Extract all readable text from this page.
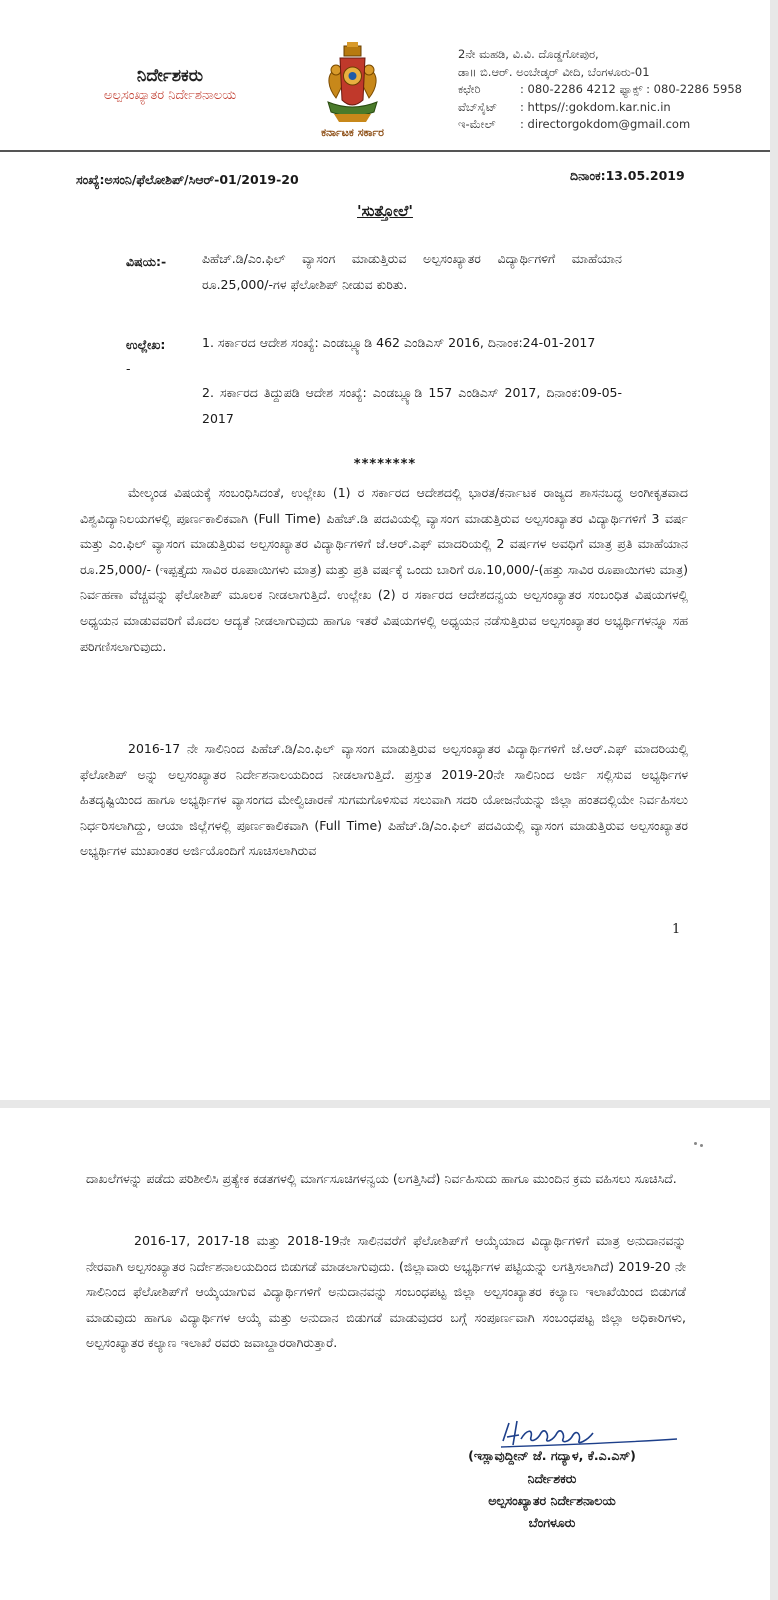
ನಿರ್ದೇಶಕರು
ಅಲ್ಪಸಂಖ್ಯಾತರ ನಿರ್ದೇಶನಾಲಯ
ಕರ್ನಾಟಕ ಸರ್ಕಾರ
2ನೇ ಮಹಡಿ, ವಿ.ವಿ. ದೊಡ್ಡಗೋಪುರ,
ಡಾ॥ ಬಿ.ಆರ್. ಅಂಬೇಡ್ಕರ್ ವೀದಿ, ಬೆಂಗಳೂರು-01
ಕಛೇರಿ	: 080-2286 4212 ಫ್ಯಾಕ್ಸ್ : 080-2286 5958
ವೆಬ್‌ಸೈಟ್ : https//:gokdom.kar.nic.in
ಇ-ಮೇಲ್ : directorgokdom@gmail.com
ಸಂಖ್ಯೆ:ಅಸಂನಿ/ಫೆಲೋಶಿಪ್/ಸಿಆರ್-01/2019-20	ದಿನಾಂಕ:13.05.2019
'ಸುತ್ತೋಲೆ'
ವಿಷಯ:-	ಪಿಹೆಚ್.ಡಿ/ಎಂ.ಫಿಲ್ ವ್ಯಾಸಂಗ ಮಾಡುತ್ತಿರುವ ಅಲ್ಪಸಂಖ್ಯಾತರ ವಿದ್ಯಾರ್ಥಿಗಳಿಗೆ ಮಾಹೆಯಾನ ರೂ.25,000/-ಗಳ ಫೆಲೋಶಿಪ್ ನೀಡುವ ಕುರಿತು.
ಉಲ್ಲೇಖ:
-
1. ಸರ್ಕಾರದ ಆದೇಶ ಸಂಖ್ಯೆ: ಎಂಡಬ್ಲ್ಯೂಡಿ 462 ಎಂಡಿಎಸ್ 2016, ದಿನಾಂಕ:24-01-2017
2. ಸರ್ಕಾರದ ತಿದ್ದುಪಡಿ ಆದೇಶ ಸಂಖ್ಯೆ: ಎಂಡಬ್ಲ್ಯೂಡಿ 157 ಎಂಡಿಎಸ್ 2017, ದಿನಾಂಕ:09-05-2017
********
ಮೇಲ್ಕಂಡ ವಿಷಯಕ್ಕೆ ಸಂಬಂಧಿಸಿದಂತೆ, ಉಲ್ಲೇಖ (1) ರ ಸರ್ಕಾರದ ಆದೇಶದಲ್ಲಿ ಭಾರತ/ಕರ್ನಾಟಕ ರಾಜ್ಯದ ಶಾಸನಬದ್ಧ ಅಂಗೀಕೃತವಾದ ವಿಶ್ವವಿದ್ಯಾನಿಲಯಗಳಲ್ಲಿ ಪೂರ್ಣಕಾಲಿಕವಾಗಿ (Full Time) ಪಿಹೆಚ್.ಡಿ ಪದವಿಯಲ್ಲಿ ವ್ಯಾಸಂಗ ಮಾಡುತ್ತಿರುವ ಅಲ್ಪಸಂಖ್ಯಾತರ ವಿದ್ಯಾರ್ಥಿಗಳಿಗೆ 3 ವರ್ಷ ಮತ್ತು ಎಂ.ಫಿಲ್ ವ್ಯಾಸಂಗ ಮಾಡುತ್ತಿರುವ ಅಲ್ಪಸಂಖ್ಯಾತರ ವಿದ್ಯಾರ್ಥಿಗಳಿಗೆ ಜೆ.ಆರ್.ಎಫ್ ಮಾದರಿಯಲ್ಲಿ 2 ವರ್ಷಗಳ ಅವಧಿಗೆ ಮಾತ್ರ ಪ್ರತಿ ಮಾಹೆಯಾನ ರೂ.25,000/- (ಇಪ್ಪತ್ತೈದು ಸಾವಿರ ರೂಪಾಯಿಗಳು ಮಾತ್ರ) ಮತ್ತು ಪ್ರತಿ ವರ್ಷಕ್ಕೆ ಒಂದು ಬಾರಿಗೆ ರೂ.10,000/-(ಹತ್ತು ಸಾವಿರ ರೂಪಾಯಿಗಳು ಮಾತ್ರ) ನಿರ್ವಹಣಾ ವೆಚ್ಚವನ್ನು ಫೆಲೋಶಿಪ್ ಮೂಲಕ ನೀಡಲಾಗುತ್ತಿದೆ. ಉಲ್ಲೇಖ (2) ರ ಸರ್ಕಾರದ ಆದೇಶದನ್ವಯ ಅಲ್ಪಸಂಖ್ಯಾತರ ಸಂಬಂಧಿತ ವಿಷಯಗಳಲ್ಲಿ ಅಧ್ಯಯನ ಮಾಡುವವರಿಗೆ ಮೊದಲ ಆದ್ಯತೆ ನೀಡಲಾಗುವುದು ಹಾಗೂ ಇತರೆ ವಿಷಯಗಳಲ್ಲಿ ಅಧ್ಯಯನ ನಡೆಸುತ್ತಿರುವ ಅಲ್ಪಸಂಖ್ಯಾತರ ಅಭ್ಯರ್ಥಿಗಳನ್ನೂ ಸಹ ಪರಿಗಣಿಸಲಾಗುವುದು.
2016-17 ನೇ ಸಾಲಿನಿಂದ ಪಿಹೆಚ್.ಡಿ/ಎಂ.ಫಿಲ್ ವ್ಯಾಸಂಗ ಮಾಡುತ್ತಿರುವ ಅಲ್ಪಸಂಖ್ಯಾತರ ವಿದ್ಯಾರ್ಥಿಗಳಿಗೆ ಜೆ.ಆರ್.ಎಫ್ ಮಾದರಿಯಲ್ಲಿ ಫೆಲೋಶಿಪ್ ಅನ್ನು ಅಲ್ಪಸಂಖ್ಯಾತರ ನಿರ್ದೇಶನಾಲಯದಿಂದ ನೀಡಲಾಗುತ್ತಿದೆ. ಪ್ರಸ್ತುತ 2019-20ನೇ ಸಾಲಿನಿಂದ ಅರ್ಜಿ ಸಲ್ಲಿಸುವ ಅಭ್ಯರ್ಥಿಗಳ ಹಿತದೃಷ್ಟಿಯಿಂದ ಹಾಗೂ ಅಭ್ಯರ್ಥಿಗಳ ವ್ಯಾಸಂಗದ ಮೇಲ್ವಿಚಾರಣೆ ಸುಗಮಗೊಳಿಸುವ ಸಲುವಾಗಿ ಸದರಿ ಯೋಜನೆಯನ್ನು ಜಿಲ್ಲಾ ಹಂತದಲ್ಲಿಯೇ ನಿರ್ವಹಿಸಲು ನಿರ್ಧರಿಸಲಾಗಿದ್ದು, ಆಯಾ ಜಿಲ್ಲೆಗಳಲ್ಲಿ ಪೂರ್ಣಕಾಲಿಕವಾಗಿ (Full Time) ಪಿಹೆಚ್.ಡಿ/ಎಂ.ಫಿಲ್ ಪದವಿಯಲ್ಲಿ ವ್ಯಾಸಂಗ ಮಾಡುತ್ತಿರುವ ಅಲ್ಪಸಂಖ್ಯಾತರ ಅಭ್ಯರ್ಥಿಗಳ ಮುಖಾಂತರ ಅರ್ಜಿಯೊಂದಿಗೆ ಸೂಚಿಸಲಾಗಿರುವ
1
ದಾಖಲೆಗಳನ್ನು ಪಡೆದು ಪರಿಶೀಲಿಸಿ ಪ್ರತ್ಯೇಕ ಕಡತಗಳಲ್ಲಿ ಮಾರ್ಗಸೂಚಿಗಳನ್ವಯ (ಲಗತ್ತಿಸಿದೆ) ನಿರ್ವಹಿಸುದು ಹಾಗೂ ಮುಂದಿನ ಕ್ರಮ ವಹಿಸಲು ಸೂಚಿಸಿದೆ.
2016-17, 2017-18 ಮತ್ತು 2018-19ನೇ ಸಾಲಿನವರೆಗೆ ಫೆಲೋಶಿಪ್‌ಗೆ ಆಯ್ಕೆಯಾದ ವಿದ್ಯಾರ್ಥಿಗಳಿಗೆ ಮಾತ್ರ ಅನುದಾನವನ್ನು ನೇರವಾಗಿ ಅಲ್ಪಸಂಖ್ಯಾತರ ನಿರ್ದೇಶನಾಲಯದಿಂದ ಬಿಡುಗಡೆ ಮಾಡಲಾಗುವುದು. (ಜಿಲ್ಲಾವಾರು ಅಭ್ಯರ್ಥಿಗಳ ಪಟ್ಟಿಯನ್ನು ಲಗತ್ತಿಸಲಾಗಿದೆ) 2019-20 ನೇ ಸಾಲಿನಿಂದ ಫೆಲೋಶಿಪ್‌ಗೆ ಆಯ್ಕೆಯಾಗುವ ವಿದ್ಯಾರ್ಥಿಗಳಿಗೆ ಅನುದಾನವನ್ನು ಸಂಬಂಧಪಟ್ಟ ಜಿಲ್ಲಾ ಅಲ್ಪಸಂಖ್ಯಾತರ ಕಲ್ಯಾಣ ಇಲಾಖೆಯಿಂದ ಬಿಡುಗಡೆ ಮಾಡುವುದು ಹಾಗೂ ವಿದ್ಯಾರ್ಥಿಗಳ ಆಯ್ಕೆ ಮತ್ತು ಅನುದಾನ ಬಿಡುಗಡೆ ಮಾಡುವುದರ ಬಗ್ಗೆ ಸಂಪೂರ್ಣವಾಗಿ ಸಂಬಂಧಪಟ್ಟ ಜಿಲ್ಲಾ ಅಧಿಕಾರಿಗಳು, ಅಲ್ಪಸಂಖ್ಯಾತರ ಕಲ್ಯಾಣ ಇಲಾಖೆ ರವರು ಜವಾಬ್ದಾರರಾಗಿರುತ್ತಾರೆ.
(ಇಸ್ಲಾವುದ್ದೀನ್ ಜೆ. ಗದ್ಯಾಳ, ಕೆ.ಎ.ಎಸ್)
ನಿರ್ದೇಶಕರು
ಅಲ್ಪಸಂಖ್ಯಾತರ ನಿರ್ದೇಶನಾಲಯ
ಬೆಂಗಳೂರು
